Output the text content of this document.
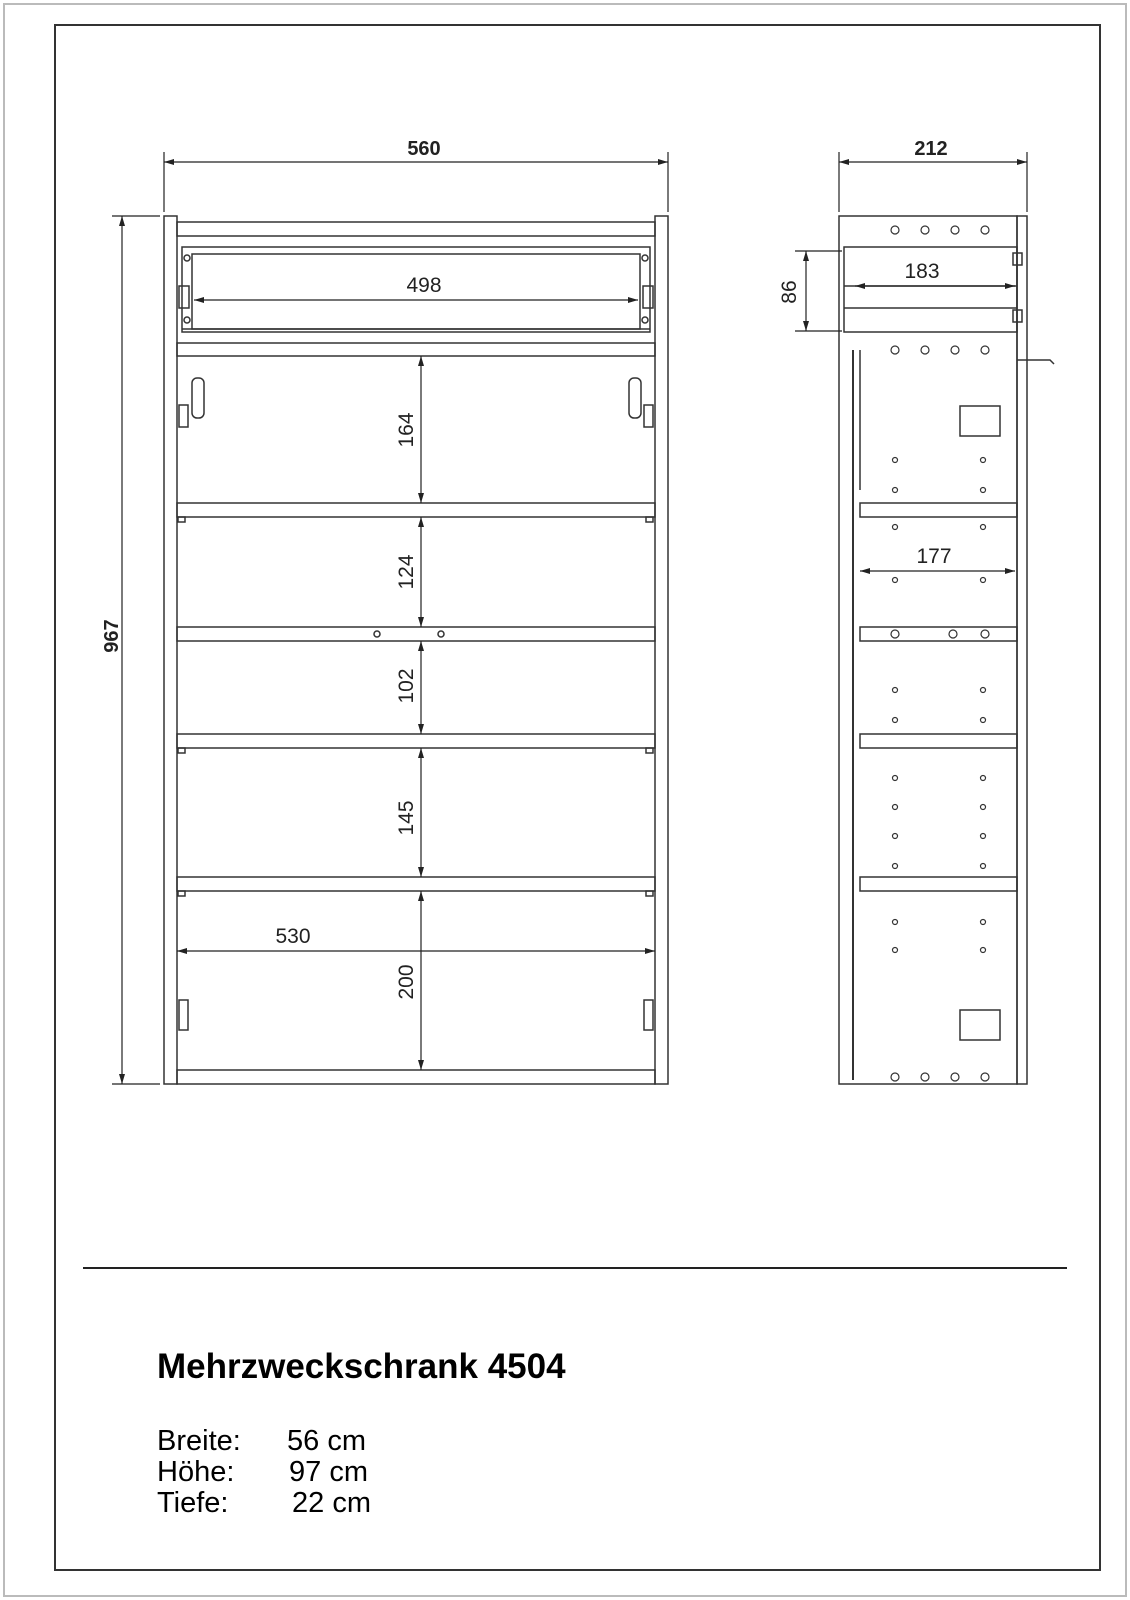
560
967
498
164
124
102
145
200
530
212
86
183
177
Mehrzweckschrank 4504
Breite: 56 cm
Höhe: 97 cm
Tiefe: 22 cm
